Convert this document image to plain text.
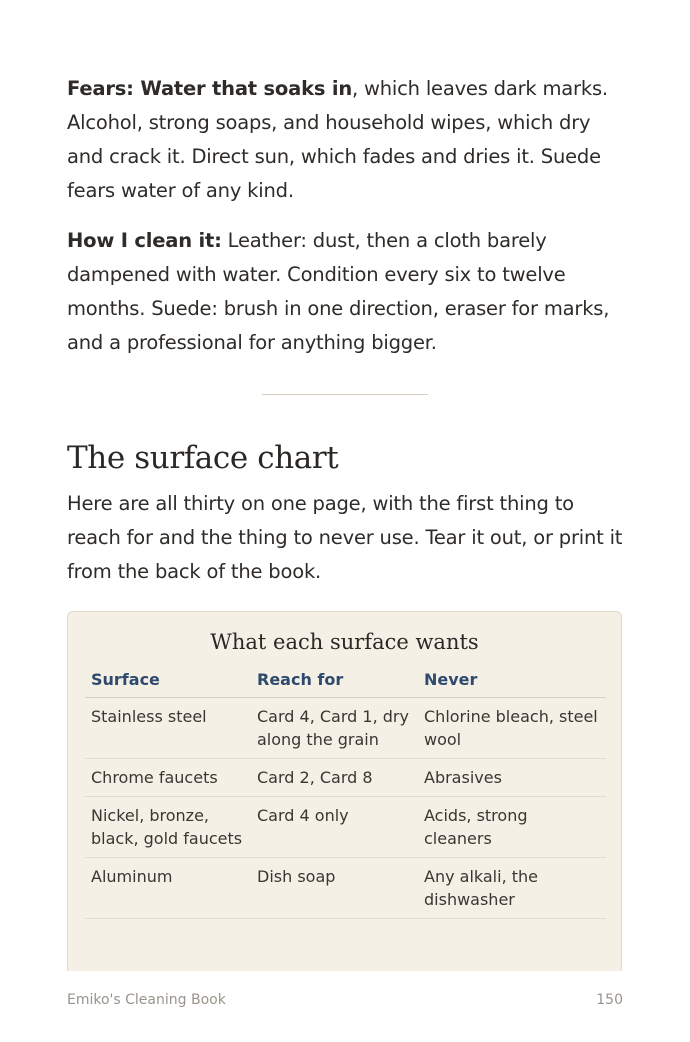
Fears: Water that soaks in, which leaves dark marks. Alcohol, strong soaps, and household wipes, which dry and crack it. Direct sun, which fades and dries it. Suede fears water of any kind.

How I clean it: Leather: dust, then a cloth barely dampened with water. Condition every six to twelve months. Suede: brush in one direction, eraser for marks, and a professional for anything bigger.

The surface chart

Here are all thirty on one page, with the first thing to reach for and the thing to never use. Tear it out, or print it from the back of the book.

What each surface wants
Surface	Reach for	Never
Stainless steel	Card 4, Card 1, dry along the grain	Chlorine bleach, steel wool
Chrome faucets	Card 2, Card 8	Abrasives
Nickel, bronze, black, gold faucets	Card 4 only	Acids, strong cleaners
Aluminum	Dish soap	Any alkali, the dishwasher
Emiko's Cleaning Book	150
